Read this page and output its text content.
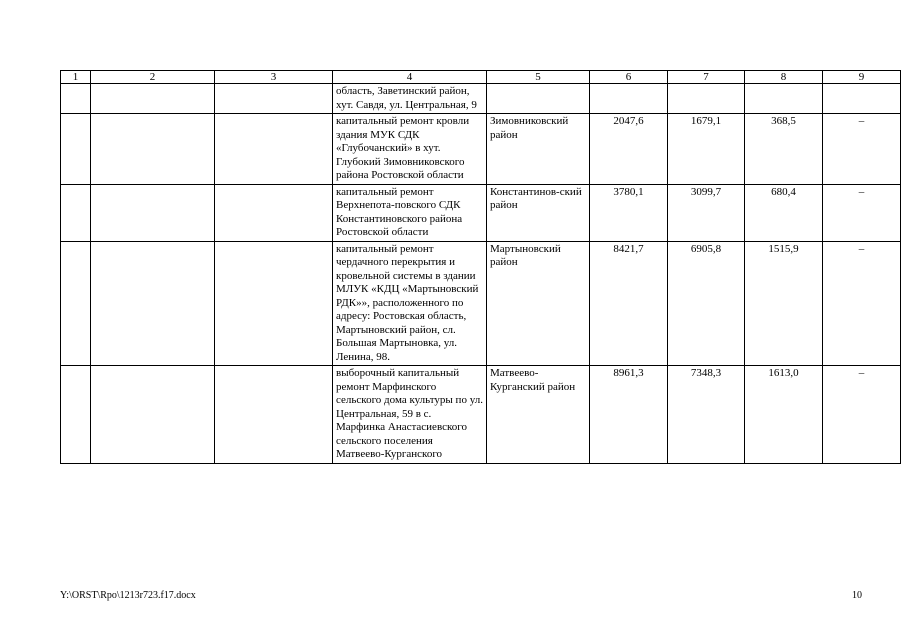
1	2	3	4	5	6	7	8	9
			область, Заветинский район, хут. Савдя, ул. Центральная, 9					
			капитальный ремонт кровли здания МУК СДК «Глубочанский» в хут. Глубокий Зимовниковского района Ростовской области	Зимовниковский район	2047,6	1679,1	368,5	–
			капитальный ремонт Верхнепота-повского СДК Константиновского района Ростовской области	Константинов-ский район	3780,1	3099,7	680,4	–
			капитальный ремонт чердачного перекрытия и кровельной системы в здании МЛУК «КДЦ «Мартыновский РДК»», расположенного по адресу: Ростовская область, Мартыновский район, сл. Большая Мартыновка, ул. Ленина, 98.	Мартыновский район	8421,7	6905,8	1515,9	–
			выборочный капитальный ремонт Марфинского сельского дома культуры по ул. Центральная, 59 в с. Марфинка Анастасиевского сельского поселения Матвеево-Курганского	Матвеево-Курганский район	8961,3	7348,3	1613,0	–
Y:\ORST\Rpo\1213r723.f17.docx	10
